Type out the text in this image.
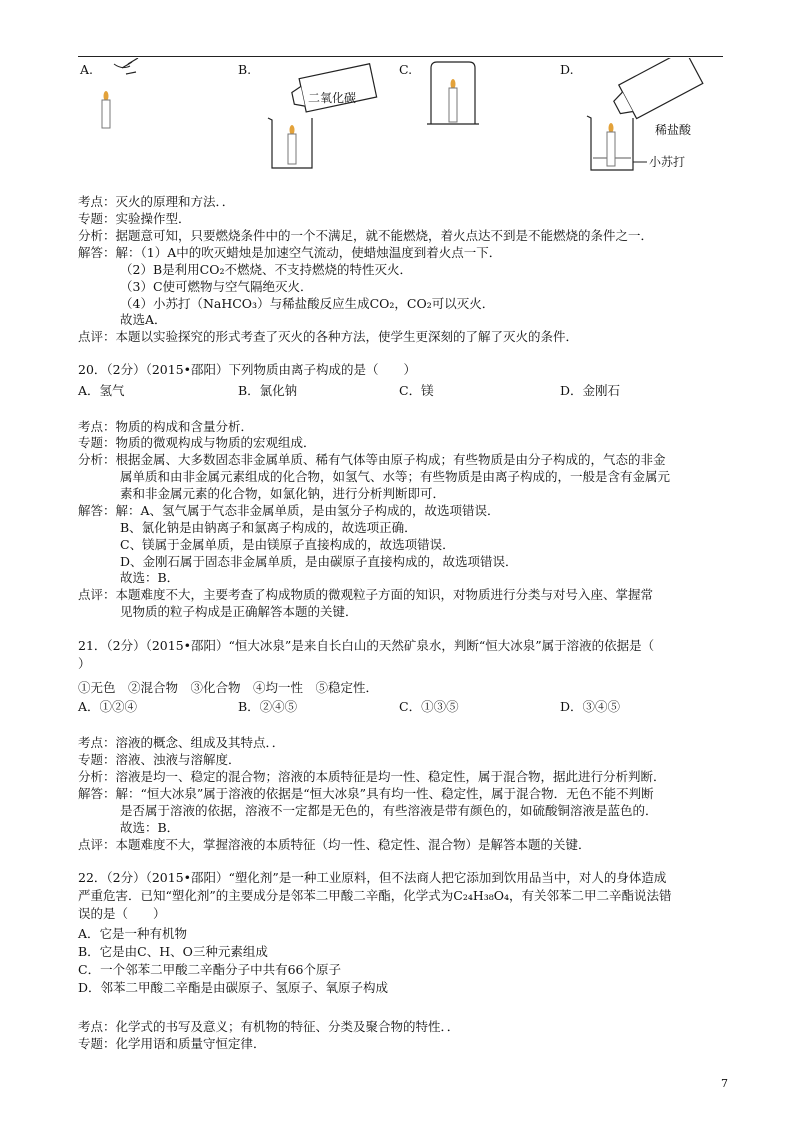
A.	B.	C.	D.
二氧化碳
稀盐酸
小苏打
考点：灭火的原理和方法．．
专题：实验操作型．
分析：据题意可知，只要燃烧条件中的一个不满足，就不能燃烧，着火点达不到是不能燃烧的条件之一．
解答：解：（1）A中的吹灭蜡烛是加速空气流动，使蜡烛温度到着火点一下．
（2）B是利用CO₂不燃烧、不支持燃烧的特性灭火．
（3）C使可燃物与空气隔绝灭火．
（4）小苏打（NaHCO₃）与稀盐酸反应生成CO₂，CO₂可以灭火．
故选A．
点评：本题以实验探究的形式考查了灭火的各种方法，使学生更深刻的了解了灭火的条件．
20．（2分）（2015•邵阳）下列物质由离子构成的是（　　）
A．氢气	B．氯化钠	C．镁	D．金刚石
考点：物质的构成和含量分析．
专题：物质的微观构成与物质的宏观组成．
分析：根据金属、大多数固态非金属单质、稀有气体等由原子构成；有些物质是由分子构成的，气态的非金
属单质和由非金属元素组成的化合物，如氢气、水等；有些物质是由离子构成的，一般是含有金属元
素和非金属元素的化合物，如氯化钠，进行分析判断即可．
解答：解：A、氢气属于气态非金属单质，是由氢分子构成的，故选项错误．
B、氯化钠是由钠离子和氯离子构成的，故选项正确．
C、镁属于金属单质，是由镁原子直接构成的，故选项错误．
D、金刚石属于固态非金属单质，是由碳原子直接构成的，故选项错误．
故选：B．
点评：本题难度不大，主要考查了构成物质的微观粒子方面的知识，对物质进行分类与对号入座、掌握常
见物质的粒子构成是正确解答本题的关键．
21．（2分）（2015•邵阳）“恒大冰泉”是来自长白山的天然矿泉水，判断“恒大冰泉”属于溶液的依据是（
）
①无色　②混合物　③化合物　④均一性　⑤稳定性．
A．①②④	B．②④⑤	C．①③⑤	D．③④⑤
考点：溶液的概念、组成及其特点．．
专题：溶液、浊液与溶解度．
分析：溶液是均一、稳定的混合物；溶液的本质特征是均一性、稳定性，属于混合物，据此进行分析判断．
解答：解：“恒大冰泉”属于溶液的依据是“恒大冰泉”具有均一性、稳定性，属于混合物．无色不能不判断
是否属于溶液的依据，溶液不一定都是无色的，有些溶液是带有颜色的，如硫酸铜溶液是蓝色的．
故选：B．
点评：本题难度不大，掌握溶液的本质特征（均一性、稳定性、混合物）是解答本题的关键．
22．（2分）（2015•邵阳）“塑化剂”是一种工业原料，但不法商人把它添加到饮用品当中，对人的身体造成
严重危害．已知“塑化剂”的主要成分是邻苯二甲酸二辛酯，化学式为C₂₄H₃₈O₄，有关邻苯二甲二辛酯说法错
误的是（　　）
A．它是一种有机物
B．它是由C、H、O三种元素组成
C．一个邻苯二甲酸二辛酯分子中共有66个原子
D．邻苯二甲酸二辛酯是由碳原子、氢原子、氧原子构成
考点：化学式的书写及意义；有机物的特征、分类及聚合物的特性．．
专题：化学用语和质量守恒定律．
7
